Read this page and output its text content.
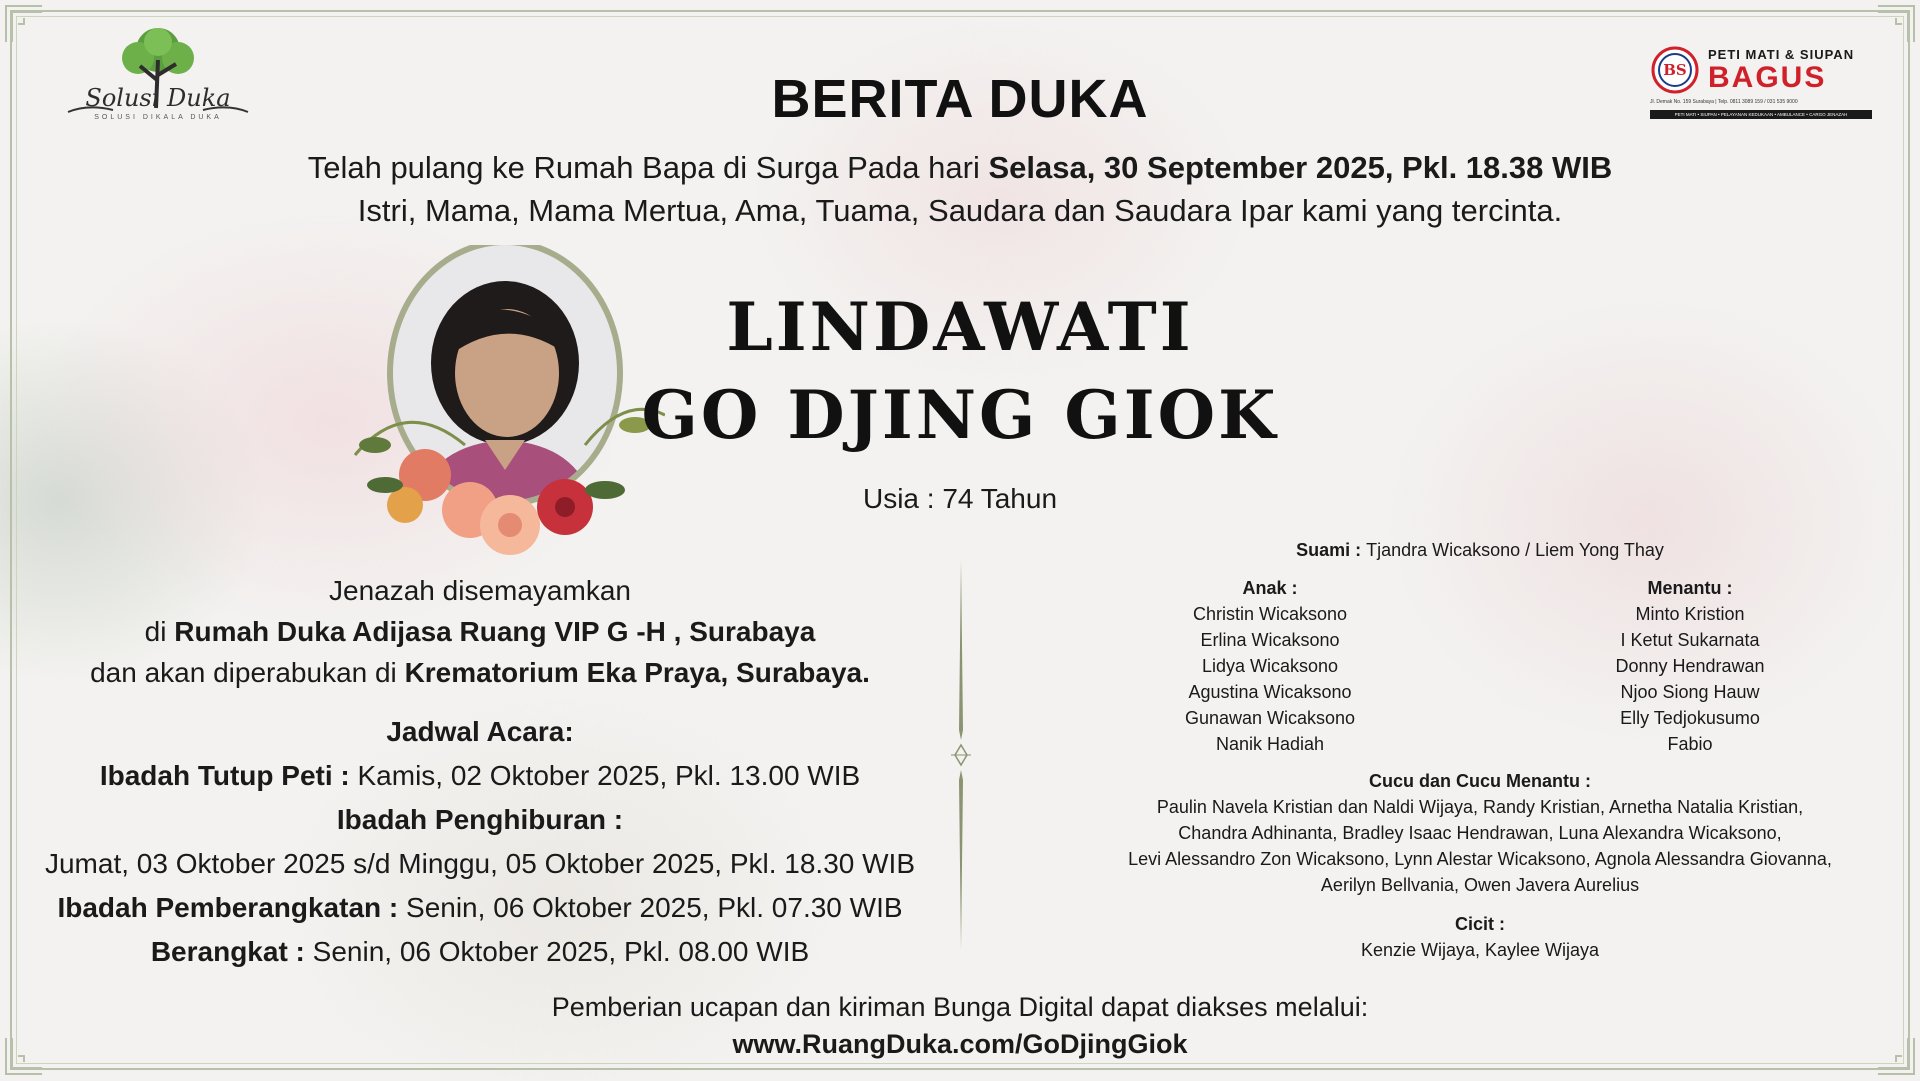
Solusi Duka
SOLUSI DIKALA DUKA
BS
PETI MATI & SIUPAN
BAGUS
Jl. Demak No. 159 Surabaya | Telp. 0811 3089 159 / 031 535 9000
PETI MATI • SIUPAN • PELAYANAN KEDUKAAN • AMBULANCE • CARGO JENAZAH
BERITA DUKA
Telah pulang ke Rumah Bapa di Surga Pada hari Selasa, 30 September 2025, Pkl. 18.38 WIB
Istri, Mama, Mama Mertua, Ama, Tuama, Saudara dan Saudara Ipar kami yang tercinta.
LINDAWATI
GO DJING GIOK
Usia : 74 Tahun
Jenazah disemayamkan
di Rumah Duka Adijasa Ruang VIP G -H , Surabaya
dan akan diperabukan di Krematorium Eka Praya, Surabaya.
Jadwal Acara:
Ibadah Tutup Peti : Kamis, 02 Oktober 2025, Pkl. 13.00 WIB
Ibadah Penghiburan :
Jumat, 03 Oktober 2025 s/d Minggu, 05 Oktober 2025, Pkl. 18.30 WIB
Ibadah Pemberangkatan : Senin, 06 Oktober 2025, Pkl. 07.30 WIB
Berangkat : Senin, 06 Oktober 2025, Pkl. 08.00 WIB
Suami : Tjandra Wicaksono / Liem Yong Thay
Anak :
Christin Wicaksono
Erlina Wicaksono
Lidya Wicaksono
Agustina Wicaksono
Gunawan Wicaksono
Nanik Hadiah
Menantu :
Minto Kristion
I Ketut Sukarnata
Donny Hendrawan
Njoo Siong Hauw
Elly Tedjokusumo
Fabio
Cucu dan Cucu Menantu :
Paulin Navela Kristian dan Naldi Wijaya, Randy Kristian, Arnetha Natalia Kristian,
Chandra Adhinanta, Bradley Isaac Hendrawan, Luna Alexandra Wicaksono,
Levi Alessandro Zon Wicaksono, Lynn Alestar Wicaksono, Agnola Alessandra Giovanna,
Aerilyn Bellvania, Owen Javera Aurelius
Cicit :
Kenzie Wijaya, Kaylee Wijaya
Pemberian ucapan dan kiriman Bunga Digital dapat diakses melalui:
www.RuangDuka.com/GoDjingGiok
